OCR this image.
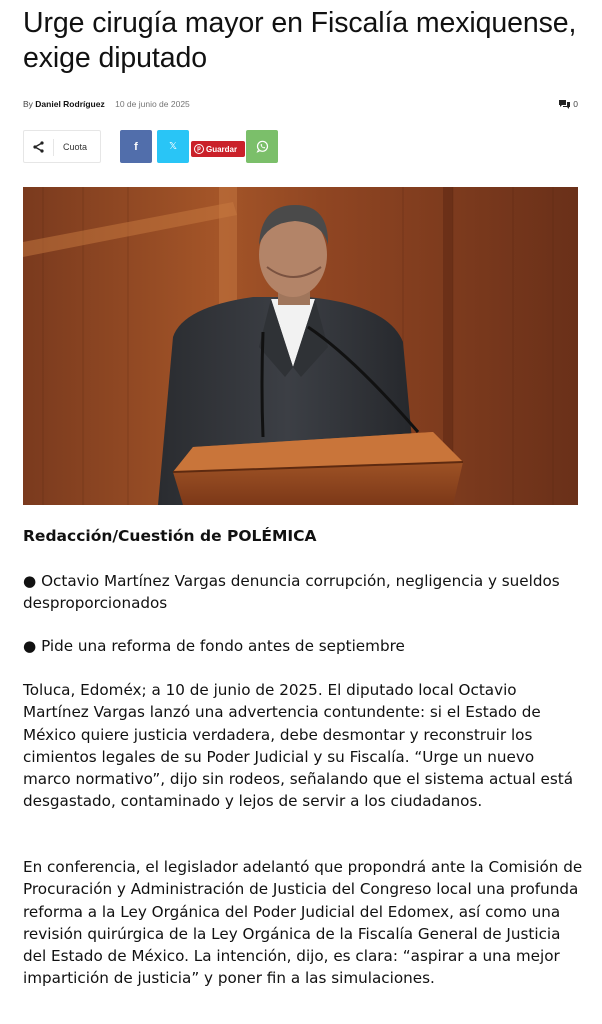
Urge cirugía mayor en Fiscalía mexiquense, exige diputado
By Daniel Rodríguez 10 de junio de 2025	0
Cuota	f	𝕏	p Guardar

Redacción/Cuestión de POLÉMICA

● Octavio Martínez Vargas denuncia corrupción, negligencia y sueldos desproporcionados

● Pide una reforma de fondo antes de septiembre

Toluca, Edoméx; a 10 de junio de 2025. El diputado local Octavio Martínez Vargas lanzó una advertencia contundente: si el Estado de México quiere justicia verdadera, debe desmontar y reconstruir los cimientos legales de su Poder Judicial y su Fiscalía. “Urge un nuevo marco normativo”, dijo sin rodeos, señalando que el sistema actual está desgastado, contaminado y lejos de servir a los ciudadanos.

En conferencia, el legislador adelantó que propondrá ante la Comisión de Procuración y Administración de Justicia del Congreso local una profunda reforma a la Ley Orgánica del Poder Judicial del Edomex, así como una revisión quirúrgica de la Ley Orgánica de la Fiscalía General de Justicia del Estado de México. La intención, dijo, es clara: “aspirar a una mejor impartición de justicia” y poner fin a las simulaciones.
